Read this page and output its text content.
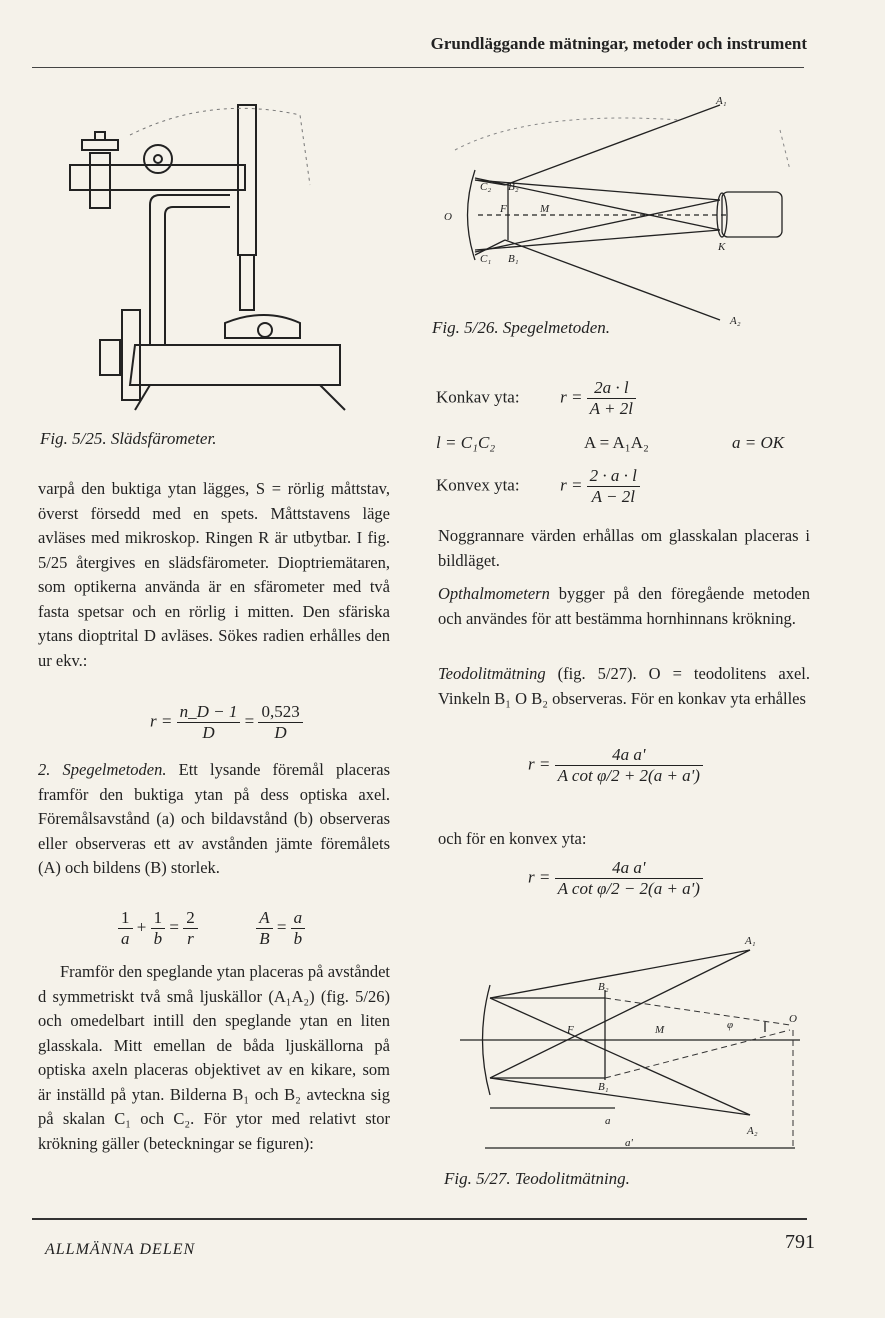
Grundläggande mätningar, metoder och instrument
A₁
A₂
C₂ B₂
F	M
O
C₁ B₁
K
Fig. 5/25. Slädsfärometer.
Fig. 5/26. Spegelmetoden.

varpå den buktiga ytan lägges, S = rörlig måttstav, överst försedd med en spets. Måttstavens läge avläses med mikroskop. Ringen R är utbytbar. I fig. 5/25 återgives en slädsfärometer. Dioptriemätaren, som optikerna använda är en sfärometer med två fasta spetsar och en rörlig i mitten. Den sfäriska ytans dioptrital D avläses. Sökes radien erhålles den ur ekv.:

$r = \frac{n\_D - 1}{D} = \frac{0,523}{D}$

2. Spegelmetoden. Ett lysande föremål placeras framför den buktiga ytan på dess optiska axel. Föremålsavstånd (a) och bildavstånd (b) observeras eller observeras ett av avstånden jämte föremålets (A) och bildens (B) storlek.

$\frac{1}{a} + \frac{1}{b} = \frac{2}{r}$
	$\frac{A}{B} = \frac{a}{b}$

Framför den speglande ytan placeras på avståndet d symmetriskt två små ljuskällor (A₁A₂) (fig. 5/26) och omedelbart intill den speglande ytan en liten glasskala. Mitt emellan de båda ljuskällorna på optiska axeln placeras objektivet av en kikare, som är inställd på ytan. Bilderna B₁ och B₂ avteckna sig på skalan C₁ och C₂. För ytor med relativt stor krökning gäller (beteckningar se figuren):

Konkav yta: $r = \frac{2a \cdot l}{A + 2l}$
l = C₁C₂	A = A₁A₂	a = OK
Konvex yta: $r = \frac{2 \cdot a \cdot l}{A - 2l}$

Noggrannare värden erhållas om glasskalan placeras i bildläget.

Opthalmometern bygger på den föregående metoden och användes för att bestämma hornhinnans krökning.

Teodolitmätning (fig. 5/27). O = teodolitens axel. Vinkeln B₁ O B₂ observeras. För en konkav yta erhålles

$r = \frac{\text{4a a'}}{\text{A cot φ/2 + 2(a + a')}}$

och för en konvex yta:

$r = \frac{\text{4a a'}}{\text{A cot φ/2 − 2(a + a')}}$
A₁
B₂
F	M	φ	O
B₁
a
A₂
a'
Fig. 5/27. Teodolitmätning.
ALLMÄNNA DELEN	791
